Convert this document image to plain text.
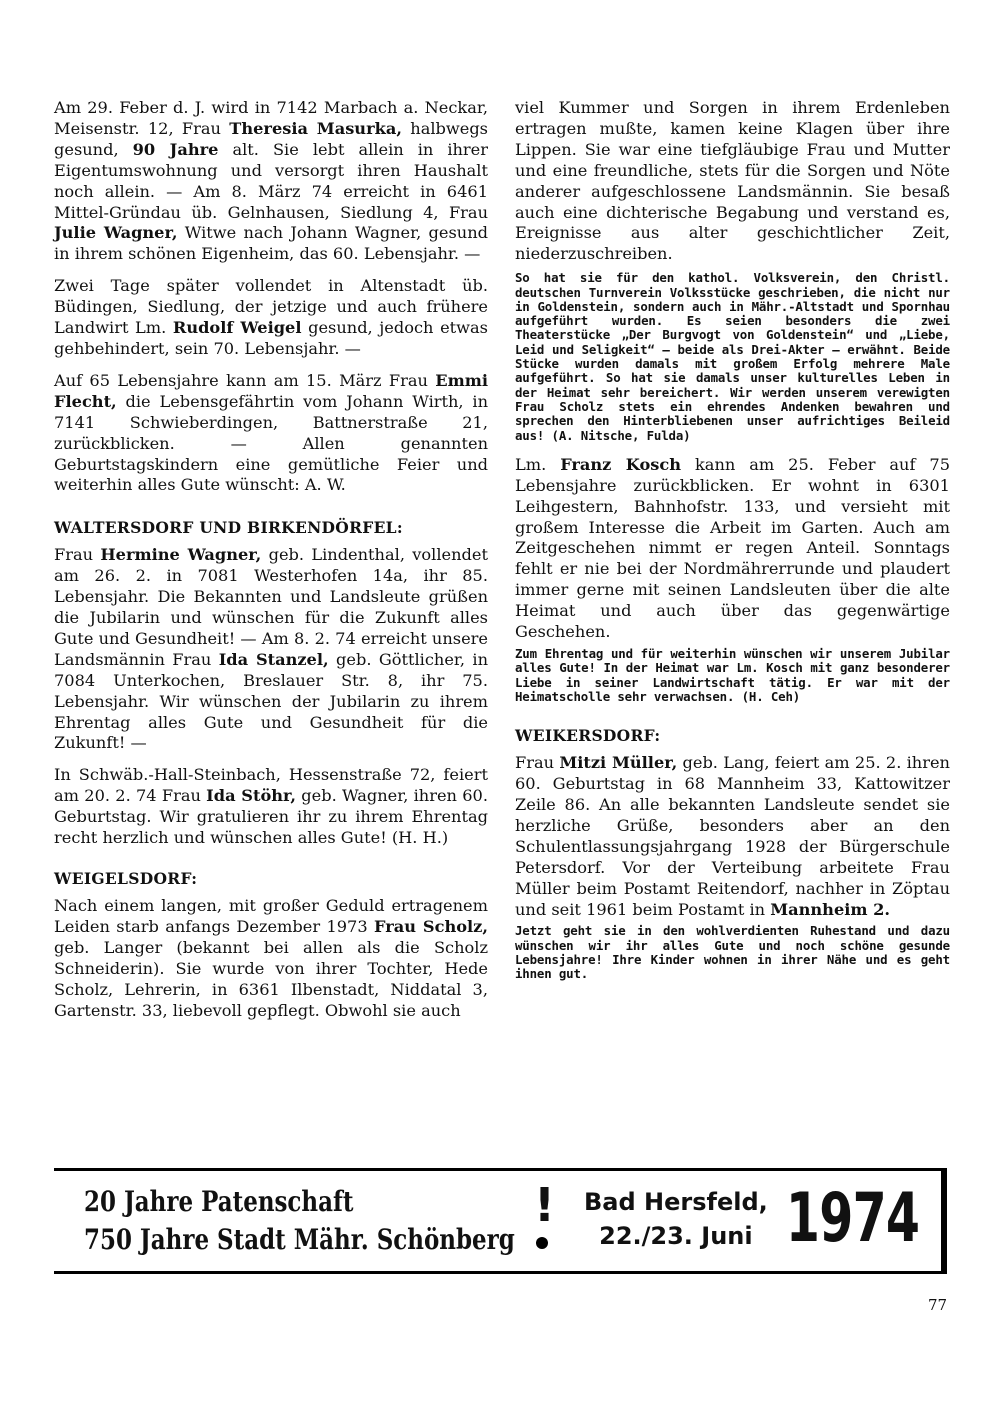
Am 29. Feber d. J. wird in 7142 Marbach a. Neckar, Meisenstr. 12, Frau Theresia Masurka, halbwegs gesund, 90 Jahre alt. Sie lebt allein in ihrer Eigentumswohnung und versorgt ihren Haushalt noch allein. — Am 8. März 74 erreicht in 6461 Mittel-Gründau üb. Gelnhausen, Siedlung 4, Frau Julie Wagner, Witwe nach Johann Wagner, gesund in ihrem schönen Eigenheim, das 60. Lebensjahr. —

Zwei Tage später vollendet in Altenstadt üb. Büdingen, Siedlung, der jetzige und auch frühere Landwirt Lm. Rudolf Weigel gesund, jedoch etwas gehbehindert, sein 70. Lebensjahr. —

Auf 65 Lebensjahre kann am 15. März Frau Emmi Flecht, die Lebensgefährtin vom Johann Wirth, in 7141 Schwieberdingen, Battnerstraße 21, zurückblicken. — Allen genannten Geburtstagskindern eine gemütliche Feier und weiterhin alles Gute wünscht: A. W.

WALTERSDORF UND BIRKENDÖRFEL:

Frau Hermine Wagner, geb. Lindenthal, vollendet am 26. 2. in 7081 Westerhofen 14a, ihr 85. Lebensjahr. Die Bekannten und Landsleute grüßen die Jubilarin und wünschen für die Zukunft alles Gute und Gesundheit! — Am 8. 2. 74 erreicht unsere Landsmännin Frau Ida Stanzel, geb. Göttlicher, in 7084 Unterkochen, Breslauer Str. 8, ihr 75. Lebensjahr. Wir wünschen der Jubilarin zu ihrem Ehrentag alles Gute und Gesundheit für die Zukunft! —

In Schwäb.-Hall-Steinbach, Hessenstraße 72, feiert am 20. 2. 74 Frau Ida Stöhr, geb. Wagner, ihren 60. Geburtstag. Wir gratulieren ihr zu ihrem Ehrentag recht herzlich und wünschen alles Gute! (H. H.)

WEIGELSDORF:

Nach einem langen, mit großer Geduld ertragenem Leiden starb anfangs Dezember 1973 Frau Scholz, geb. Langer (bekannt bei allen als die Scholz Schneiderin). Sie wurde von ihrer Tochter, Hede Scholz, Lehrerin, in 6361 Ilbenstadt, Niddatal 3, Gartenstr. 33, liebevoll gepflegt. Obwohl sie auch

viel Kummer und Sorgen in ihrem Erdenleben ertragen mußte, kamen keine Klagen über ihre Lippen. Sie war eine tiefgläubige Frau und Mutter und eine freundliche, stets für die Sorgen und Nöte anderer aufgeschlossene Landsmännin. Sie besaß auch eine dichterische Begabung und verstand es, Ereignisse aus alter geschichtlicher Zeit, niederzuschreiben.

So hat sie für den kathol. Volksverein, den Christl. deutschen Turnverein Volksstücke geschrieben, die nicht nur in Goldenstein, sondern auch in Mähr.-Altstadt und Spornhau aufgeführt wurden. Es seien besonders die zwei Theaterstücke „Der Burgvogt von Goldenstein“ und „Liebe, Leid und Seligkeit“ — beide als Drei-Akter — erwähnt. Beide Stücke wurden damals mit großem Erfolg mehrere Male aufgeführt. So hat sie damals unser kulturelles Leben in der Heimat sehr bereichert. Wir werden unserem verewigten Frau Scholz stets ein ehrendes Andenken bewahren und sprechen den Hinterbliebenen unser aufrichtiges Beileid aus! (A. Nitsche, Fulda)

Lm. Franz Kosch kann am 25. Feber auf 75 Lebensjahre zurückblicken. Er wohnt in 6301 Leihgestern, Bahnhofstr. 133, und versieht mit großem Interesse die Arbeit im Garten. Auch am Zeitgeschehen nimmt er regen Anteil. Sonntags fehlt er nie bei der Nordmährerrunde und plaudert immer gerne mit seinen Landsleuten über die alte Heimat und auch über das gegenwärtige Geschehen.

Zum Ehrentag und für weiterhin wünschen wir unserem Jubilar alles Gute! In der Heimat war Lm. Kosch mit ganz besonderer Liebe in seiner Landwirtschaft tätig. Er war mit der Heimatscholle sehr verwachsen. (H. Ceh)

WEIKERSDORF:

Frau Mitzi Müller, geb. Lang, feiert am 25. 2. ihren 60. Geburtstag in 68 Mannheim 33, Kattowitzer Zeile 86. An alle bekannten Landsleute sendet sie herzliche Grüße, besonders aber an den Schulentlassungsjahrgang 1928 der Bürgerschule Petersdorf. Vor der Verteibung arbeitete Frau Müller beim Postamt Reitendorf, nachher in Zöptau und seit 1961 beim Postamt in Mannheim 2.

Jetzt geht sie in den wohlverdienten Ruhestand und dazu wünschen wir ihr alles Gute und noch schöne gesunde Lebensjahre! Ihre Kinder wohnen in ihrer Nähe und es geht ihnen gut.

20 Jahre Patenschaft
750 Jahre Stadt Mähr. Schönberg
! Bad Hersfeld,
22./23. Juni 1974
77
